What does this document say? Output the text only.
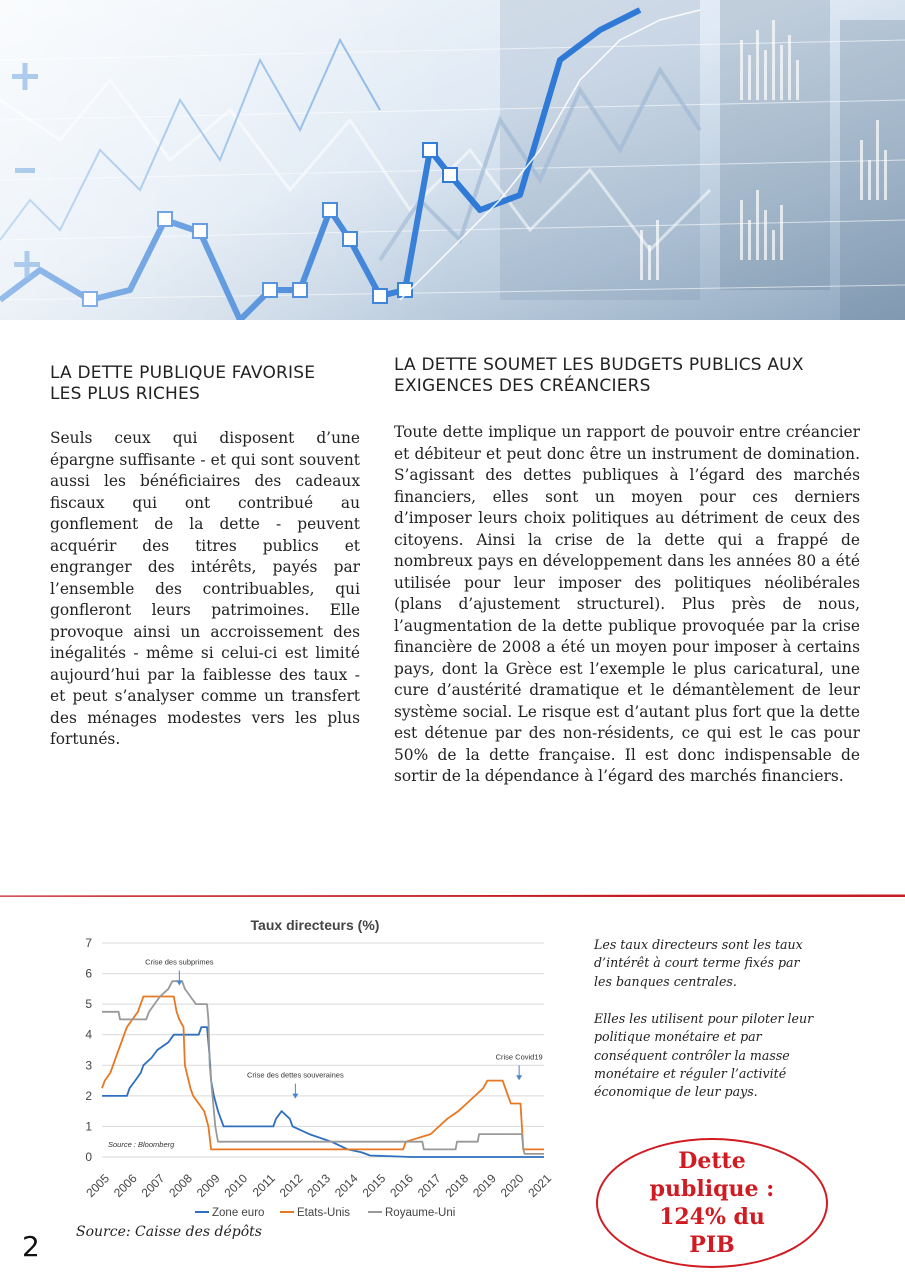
LA DETTE PUBLIQUE FAVORISE LES PLUS RICHES

Seuls ceux qui disposent d’une épargne suffisante - et qui sont souvent aussi les bénéficiaires des cadeaux fiscaux qui ont contribué au gonflement de la dette - peuvent acquérir des titres publics et engranger des intérêts, payés par l’ensemble des contribuables, qui gonfleront leurs patrimoines. Elle provoque ainsi un accroissement des inégalités - même si celui-ci est limité aujourd’hui par la faiblesse des taux - et peut s’analyser comme un transfert des ménages modestes vers les plus fortunés.

LA DETTE SOUMET LES BUDGETS PUBLICS AUX EXIGENCES DES CRÉANCIERS

Toute dette implique un rapport de pouvoir entre créancier et débiteur et peut donc être un instrument de domination. S’agissant des dettes publiques à l’égard des marchés financiers, elles sont un moyen pour ces derniers d’imposer leurs choix politiques au détriment de ceux des citoyens. Ainsi la crise de la dette qui a frappé de nombreux pays en développement dans les années 80 a été utilisée pour leur imposer des politiques néolibérales (plans d’ajustement structurel). Plus près de nous, l’augmentation de la dette publique provoquée par la crise financière de 2008 a été un moyen pour imposer à certains pays, dont la Grèce est l’exemple le plus caricatural, une cure d’austérité dramatique et le démantèlement de leur système social. Le risque est d’autant plus fort que la dette est détenue par des non-résidents, ce qui est le cas pour 50% de la dette française. Il est donc indispensable de sortir de la dépendance à l’égard des marchés financiers.

Taux directeurs (%)
0
1
2
3
4
5
6
7
2005
2006
2007
2008
2009
2010 2011
2012
2013
2014
2015
2016
2017
2018
2019
2020
2021
Crise des subprimes
Crise des dettes souveraines
Crise Covid19
Source : Bloomberg
Zone euro	Etats-Unis	Royaume-Uni
Source: Caisse des dépôts

Les taux directeurs sont les taux d’intérêt à court terme fixés par les banques centrales.

Elles les utilisent pour piloter leur politique monétaire et par conséquent contrôler la masse monétaire et réguler l’activité économique de leur pays.

Dette publique : 124% du PIB
2
